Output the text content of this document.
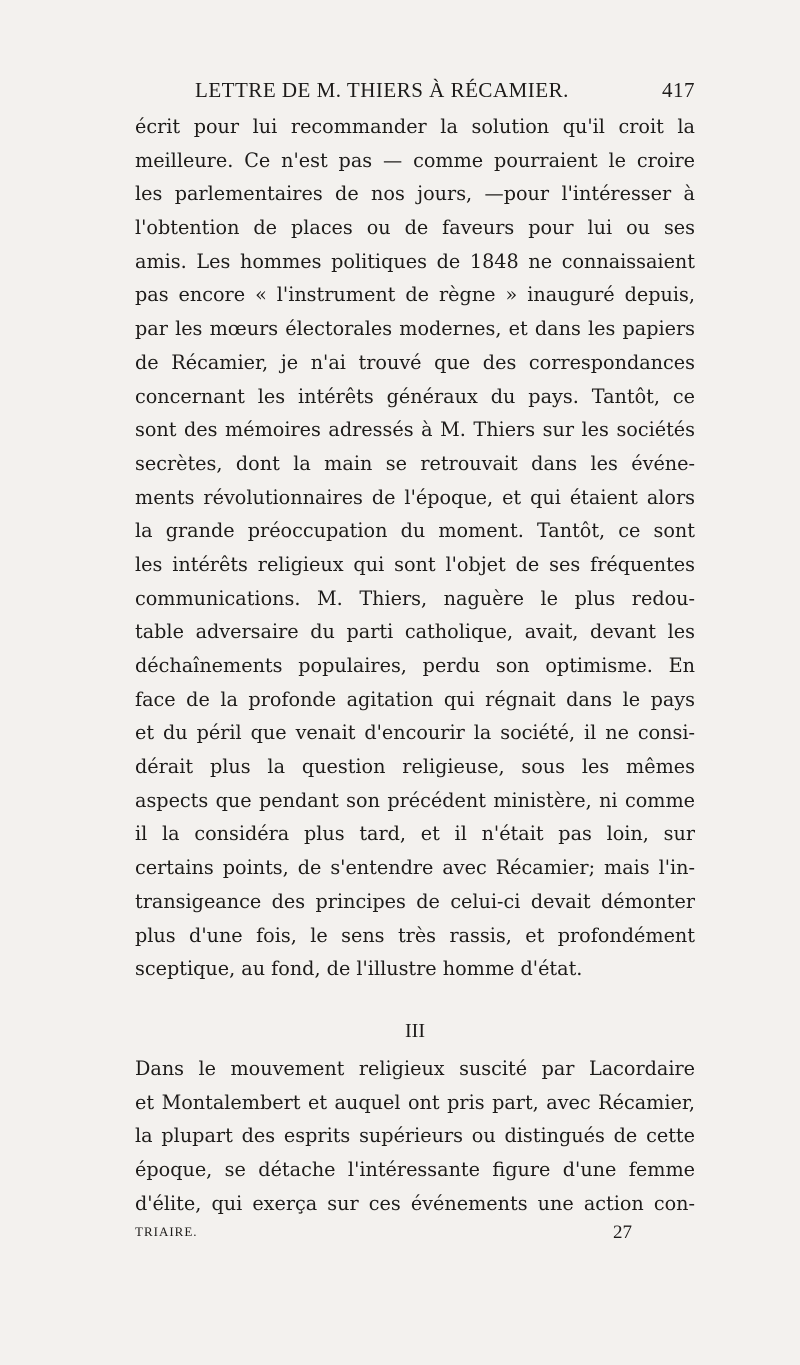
LETTRE DE M. THIERS À RÉCAMIER.	417
écrit pour lui recommander la solution qu'il croit la
meilleure. Ce n'est pas — comme pourraient le croire
les parlementaires de nos jours, —pour l'intéresser à
l'obtention de places ou de faveurs pour lui ou ses
amis. Les hommes politiques de 1848 ne connaissaient
pas encore « l'instrument de règne » inauguré depuis,
par les mœurs électorales modernes, et dans les papiers
de Récamier, je n'ai trouvé que des correspondances
concernant les intérêts généraux du pays. Tantôt, ce
sont des mémoires adressés à M. Thiers sur les sociétés
secrètes, dont la main se retrouvait dans les événe-
ments révolutionnaires de l'époque, et qui étaient alors
la grande préoccupation du moment. Tantôt, ce sont
les intérêts religieux qui sont l'objet de ses fréquentes
communications. M. Thiers, naguère le plus redou-
table adversaire du parti catholique, avait, devant les
déchaînements populaires, perdu son optimisme. En
face de la profonde agitation qui régnait dans le pays
et du péril que venait d'encourir la société, il ne consi-
dérait plus la question religieuse, sous les mêmes
aspects que pendant son précédent ministère, ni comme
il la considéra plus tard, et il n'était pas loin, sur
certains points, de s'entendre avec Récamier; mais l'in-
transigeance des principes de celui-ci devait démonter
plus d'une fois, le sens très rassis, et profondément
sceptique, au fond, de l'illustre homme d'état.
III
Dans le mouvement religieux suscité par Lacordaire
et Montalembert et auquel ont pris part, avec Récamier,
la plupart des esprits supérieurs ou distingués de cette
époque, se détache l'intéressante figure d'une femme
d'élite, qui exerça sur ces événements une action con-
TRIAIRE.	27
